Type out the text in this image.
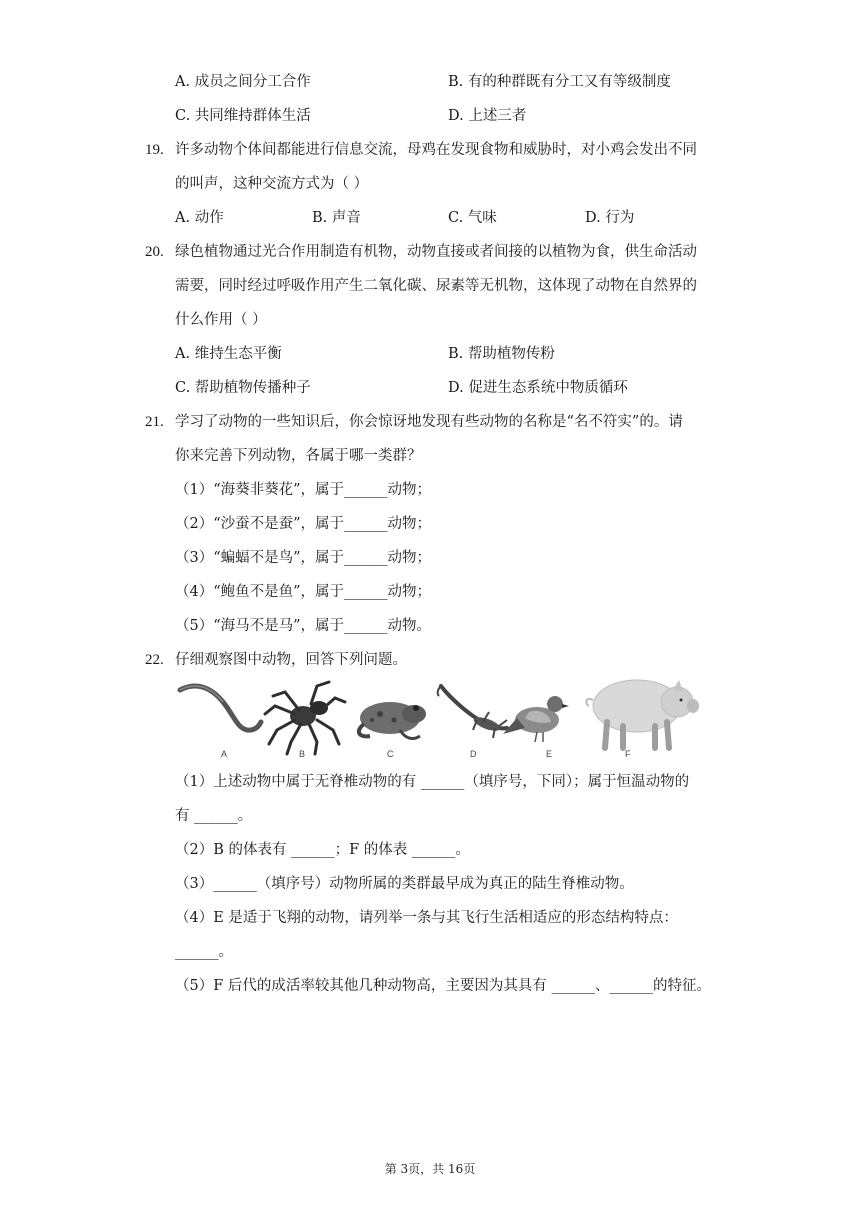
A. 成员之间分工合作	B. 有的种群既有分工又有等级制度
C. 共同维持群体生活	D. 上述三者
19. 许多动物个体间都能进行信息交流，母鸡在发现食物和威胁时，对小鸡会发出不同
的叫声，这种交流方式为（ ）
A. 动作	B. 声音	C. 气味	D. 行为
20. 绿色植物通过光合作用制造有机物，动物直接或者间接的以植物为食，供生命活动
需要，同时经过呼吸作用产生二氧化碳、尿素等无机物，这体现了动物在自然界的
什么作用（ ）
A. 维持生态平衡	B. 帮助植物传粉
C. 帮助植物传播种子	D. 促进生态系统中物质循环
21. 学习了动物的一些知识后，你会惊讶地发现有些动物的名称是“名不符实”的。请
你来完善下列动物，各属于哪一类群？
（1）“海葵非葵花”，属于______动物；
（2）“沙蚕不是蚕”，属于______动物；
（3）“蝙蝠不是鸟”，属于______动物；
（4）“鲍鱼不是鱼”，属于______动物；
（5）“海马不是马”，属于______动物。
22. 仔细观察图中动物，回答下列问题。
A	B	C	D	E	F
（1）上述动物中属于无脊椎动物的有 ______（填序号，下同）；属于恒温动物的
有 ______。
（2）B 的体表有 ______；F 的体表 ______。
（3）______（填序号）动物所属的类群最早成为真正的陆生脊椎动物。
（4）E 是适于飞翔的动物，请列举一条与其飞行生活相适应的形态结构特点：
______。
（5）F 后代的成活率较其他几种动物高，主要因为其具有 ______、______的特征。
第 3页，共 16页
